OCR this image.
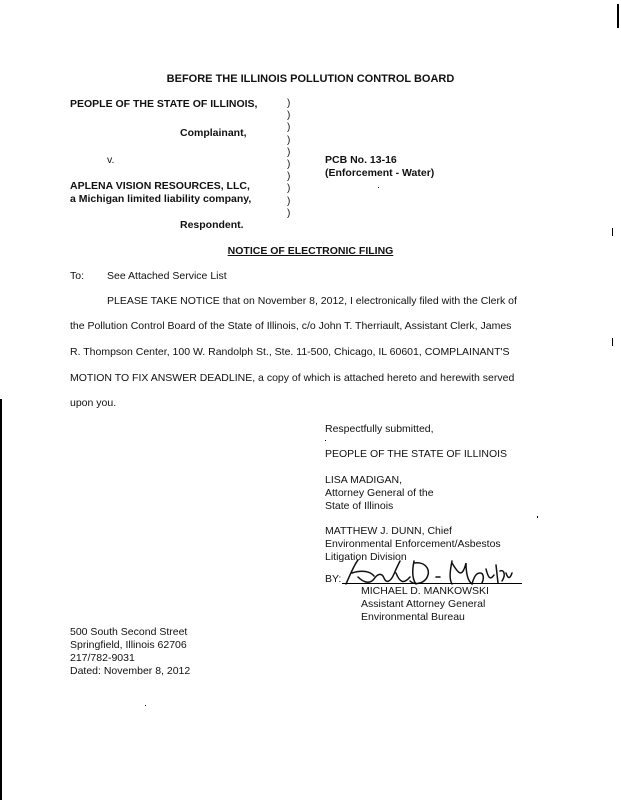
BEFORE THE ILLINOIS POLLUTION CONTROL BOARD
PEOPLE OF THE STATE OF ILLINOIS,
Complainant,
v.
APLENA VISION RESOURCES, LLC,
a Michigan limited liability company,
Respondent.
)
)
)
)
)
)
)
)
)
)
PCB No. 13-16
(Enforcement - Water)
NOTICE OF ELECTRONIC FILING
To: See Attached Service List
PLEASE TAKE NOTICE that on November 8, 2012, I electronically filed with the Clerk of
the Pollution Control Board of the State of Illinois, c/o John T. Therriault, Assistant Clerk, James
R. Thompson Center, 100 W. Randolph St., Ste. 11-500, Chicago, IL 60601, COMPLAINANT'S
MOTION TO FIX ANSWER DEADLINE, a copy of which is attached hereto and herewith served
upon you.
Respectfully submitted,
PEOPLE OF THE STATE OF ILLINOIS
LISA MADIGAN,
Attorney General of the
State of Illinois
MATTHEW J. DUNN, Chief
Environmental Enforcement/Asbestos
Litigation Division
BY:
MICHAEL D. MANKOWSKI
Assistant Attorney General
Environmental Bureau
500 South Second Street
Springfield, Illinois 62706
217/782-9031
Dated: November 8, 2012
